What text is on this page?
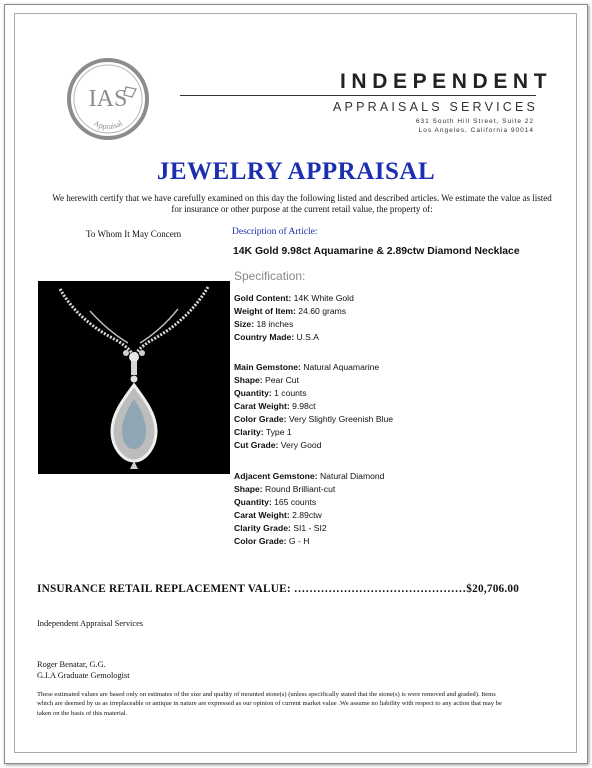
IAS
Appraisal
INDEPENDENT
APPRAISALS SERVICES
631 South Hill Street, Suite 22
Los Angeles, California 90014
JEWELRY APPRAISAL
We herewith certify that we have carefully examined on this day the following listed and described articles. We estimate the value as listed for insurance or other purpose at the current retail value, the property of:
To Whom It May Concern	Description of Article:
14K Gold 9.98ct Aquamarine & 2.89ctw Diamond Necklace
Specification:
Gold Content: 14K White Gold
Weight of Item: 24.60 grams
Size: 18 inches
Country Made: U.S.A
Main Gemstone: Natural Aquamarine
Shape: Pear Cut
Quantity: 1 counts
Carat Weight: 9.98ct
Color Grade: Very Slightly Greenish Blue
Clarity: Type 1
Cut Grade: Very Good
Adjacent Gemstone: Natural Diamond
Shape: Round Brilliant-cut
Quantity: 165 counts
Carat Weight: 2.89ctw
Clarity Grade: SI1 - SI2
Color Grade: G - H
INSURANCE RETAIL REPLACEMENT VALUE: ………………………………………$20,706.00
Independent Appraisal Services
Roger Benatar, G.G.
G.I.A Graduate Gemologist
These estimated values are based only on estimates of the size and quality of mounted stone(s) (unless specifically stated that the stone(s) is were removed and graded). Items which are deemed by us as irreplaceable or antique in nature are expressed as our opinion of current market value .We assume no liability with respect to any action that may be taken on the basis of this material.
